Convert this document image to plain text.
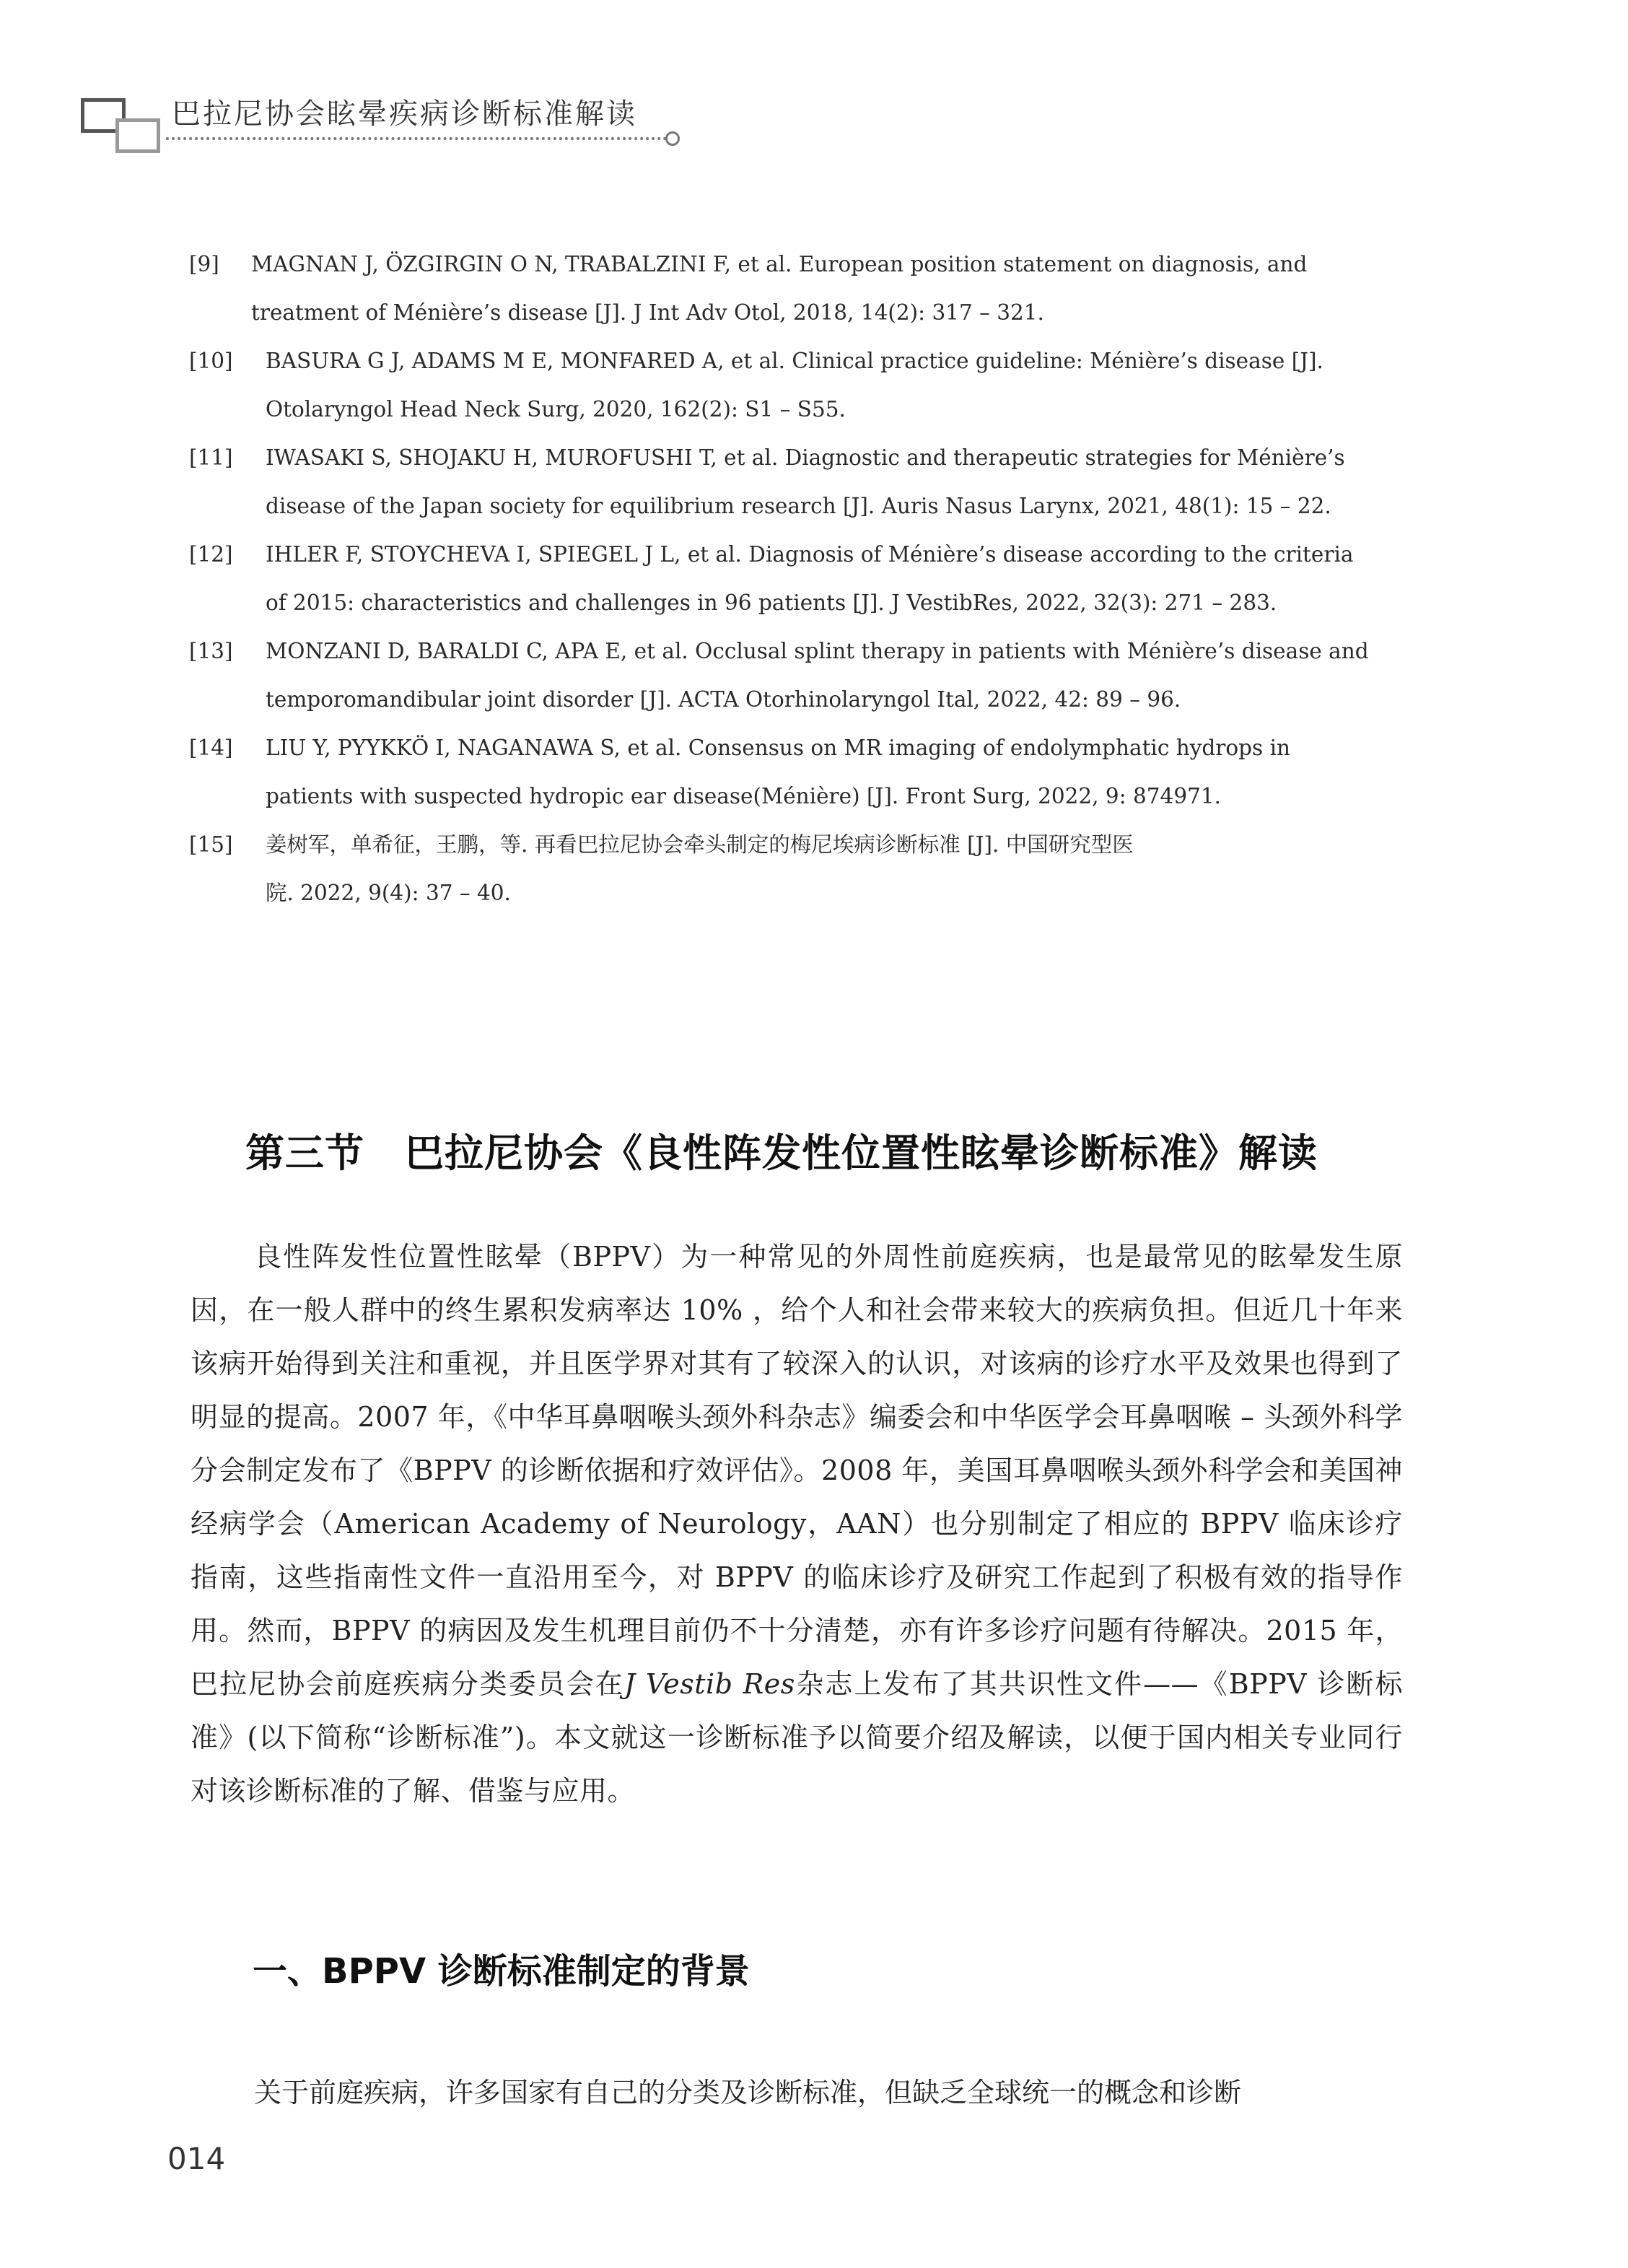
巴拉尼协会眩晕疾病诊断标准解读

[9]	MAGNAN J, ÖZGIRGIN O N, TRABALZINI F, et al. European position statement on diagnosis, and
treatment of Ménière’s disease [J]. J Int Adv Otol, 2018, 14(2): 317 – 321.

[10]	BASURA G J, ADAMS M E, MONFARED A, et al. Clinical practice guideline: Ménière’s disease [J].
Otolaryngol Head Neck Surg, 2020, 162(2): S1 – S55.

[11]	IWASAKI S, SHOJAKU H, MUROFUSHI T, et al. Diagnostic and therapeutic strategies for Ménière’s
disease of the Japan society for equilibrium research [J]. Auris Nasus Larynx, 2021, 48(1): 15 – 22.

[12]	IHLER F, STOYCHEVA I, SPIEGEL J L, et al. Diagnosis of Ménière’s disease according to the criteria
of 2015: characteristics and challenges in 96 patients [J]. J VestibRes, 2022, 32(3): 271 – 283.

[13]	MONZANI D, BARALDI C, APA E, et al. Occlusal splint therapy in patients with Ménière’s disease and
temporomandibular joint disorder [J]. ACTA Otorhinolaryngol Ital, 2022, 42: 89 – 96.

[14]	LIU Y, PYYKKÖ I, NAGANAWA S, et al. Consensus on MR imaging of endolymphatic hydrops in
patients with suspected hydropic ear disease(Ménière) [J]. Front Surg, 2022, 9: 874971.

[15]	姜树军，单希征，王鹏，等. 再看巴拉尼协会牵头制定的梅尼埃病诊断标准 [J]. 中国研究型医
院. 2022, 9(4): 37 – 40.

第三节 巴拉尼协会《良性阵发性位置性眩晕诊断标准》解读

良性阵发性位置性眩晕（BPPV）为一种常见的外周性前庭疾病，也是最常见的眩晕发生原因，在一般人群中的终生累积发病率达 10% ，给个人和社会带来较大的疾病负担。但近几十年来该病开始得到关注和重视，并且医学界对其有了较深入的认识，对该病的诊疗水平及效果也得到了明显的提高。2007 年，《中华耳鼻咽喉头颈外科杂志》编委会和中华医学会耳鼻咽喉 – 头颈外科学分会制定发布了《BPPV 的诊断依据和疗效评估》。2008 年，美国耳鼻咽喉头颈外科学会和美国神经病学会（American Academy of Neurology，AAN）也分别制定了相应的 BPPV 临床诊疗指南，这些指南性文件一直沿用至今，对 BPPV 的临床诊疗及研究工作起到了积极有效的指导作用。然而，BPPV 的病因及发生机理目前仍不十分清楚，亦有许多诊疗问题有待解决。2015 年，巴拉尼协会前庭疾病分类委员会在J Vestib Res杂志上发布了其共识性文件——《BPPV 诊断标准》(以下简称“诊断标准”)。本文就这一诊断标准予以简要介绍及解读，以便于国内相关专业同行对该诊断标准的了解、借鉴与应用。

一、BPPV 诊断标准制定的背景

关于前庭疾病，许多国家有自己的分类及诊断标准，但缺乏全球统一的概念和诊断

014
